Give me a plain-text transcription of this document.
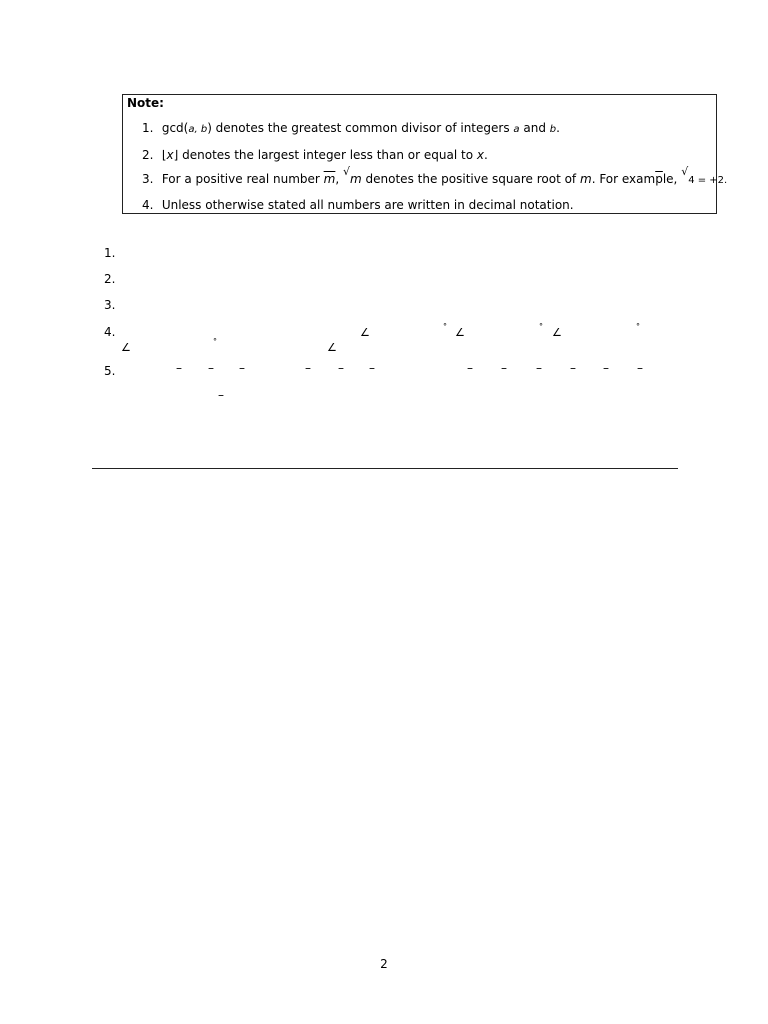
Note:
1. gcd(a, b) denotes the greatest common divisor of integers a and b.
2. ⌊x⌋ denotes the largest integer less than or equal to x.
3. For a positive real number $\overline{m}$, √m denotes the positive square root of m. For $exam\overline{p}le$, √4 = +2.
4. Unless otherwise stated all numbers are written in decimal notation.
1.
2.
3.
4.
5.
∠	° ∠	° ∠	°
∠	°	∠
– – –	– – –	– – – – – –
–
2
